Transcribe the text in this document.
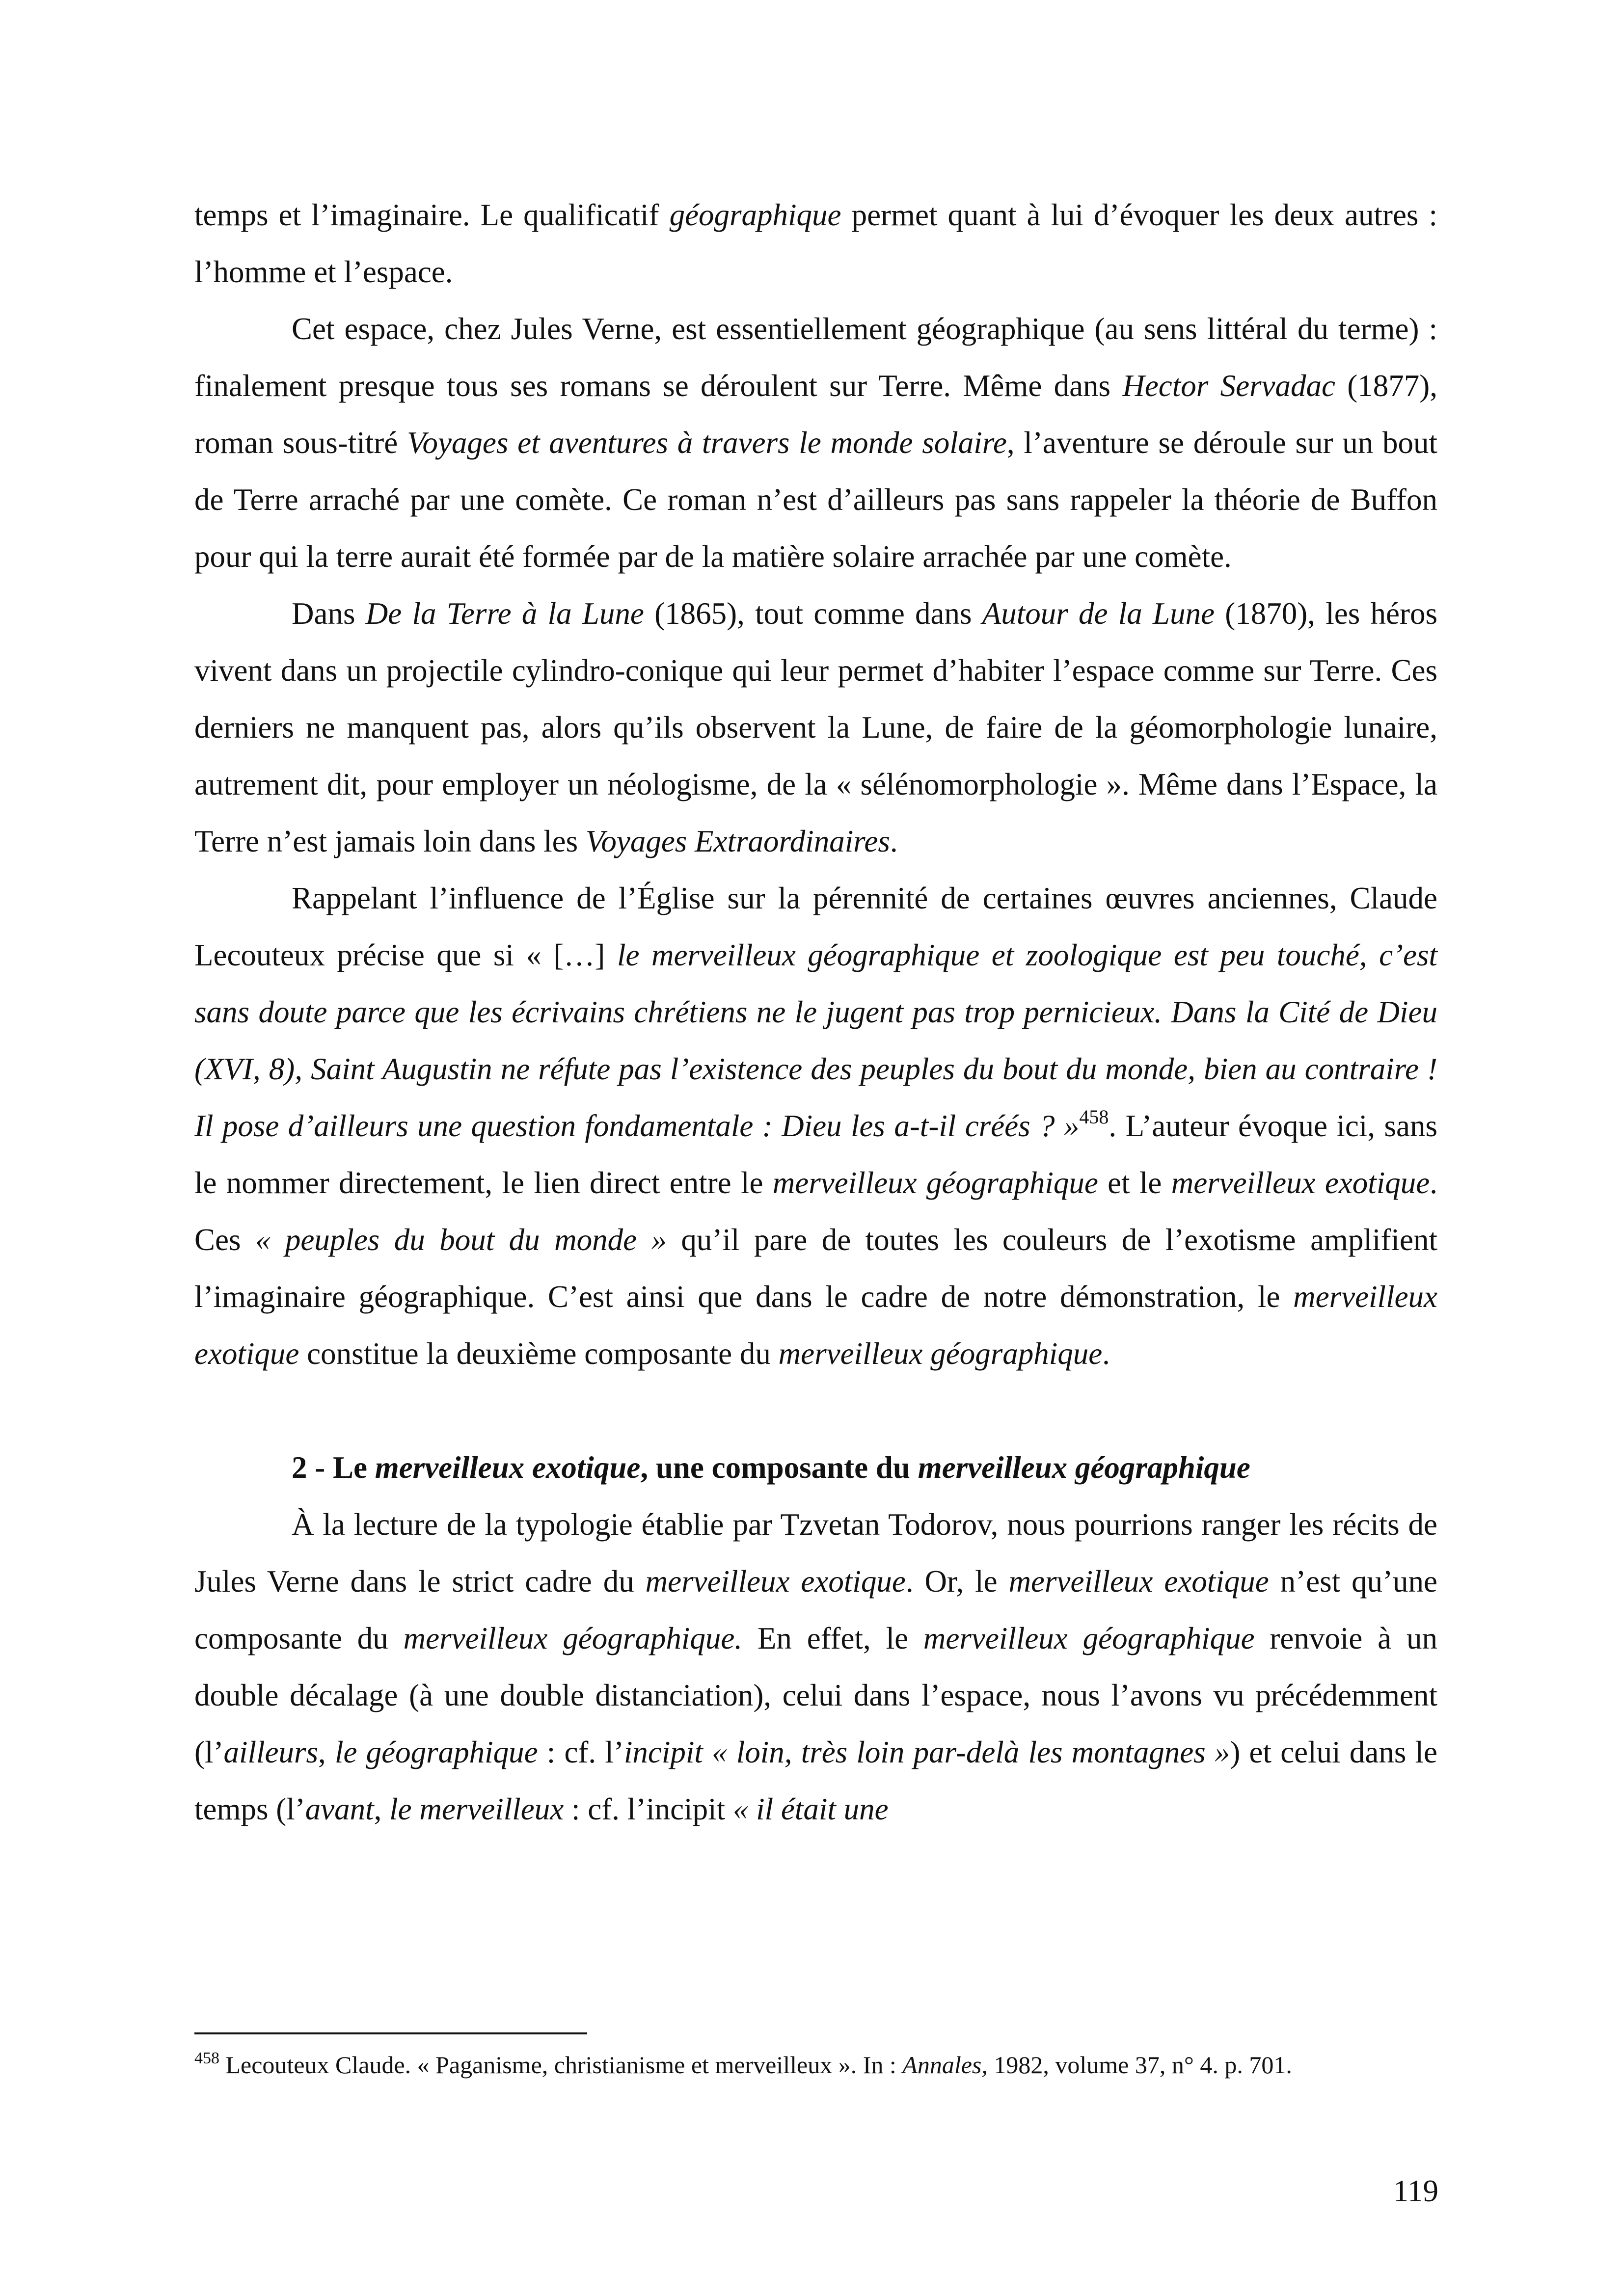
temps et l’imaginaire. Le qualificatif géographique permet quant à lui d’évoquer les deux autres : l’homme et l’espace.

Cet espace, chez Jules Verne, est essentiellement géographique (au sens littéral du terme) : finalement presque tous ses romans se déroulent sur Terre. Même dans Hector Servadac (1877), roman sous-titré Voyages et aventures à travers le monde solaire, l’aventure se déroule sur un bout de Terre arraché par une comète. Ce roman n’est d’ailleurs pas sans rappeler la théorie de Buffon pour qui la terre aurait été formée par de la matière solaire arrachée par une comète.

Dans De la Terre à la Lune (1865), tout comme dans Autour de la Lune (1870), les héros vivent dans un projectile cylindro-conique qui leur permet d’habiter l’espace comme sur Terre. Ces derniers ne manquent pas, alors qu’ils observent la Lune, de faire de la géomorphologie lunaire, autrement dit, pour employer un néologisme, de la « sélénomorphologie ». Même dans l’Espace, la Terre n’est jamais loin dans les Voyages Extraordinaires.

Rappelant l’influence de l’Église sur la pérennité de certaines œuvres anciennes, Claude Lecouteux précise que si « […] le merveilleux géographique et zoologique est peu touché, c’est sans doute parce que les écrivains chrétiens ne le jugent pas trop pernicieux. Dans la Cité de Dieu (XVI, 8), Saint Augustin ne réfute pas l’existence des peuples du bout du monde, bien au contraire ! Il pose d’ailleurs une question fondamentale : Dieu les a-t-il créés ? »$^{458}$. L’auteur évoque ici, sans le nommer directement, le lien direct entre le merveilleux géographique et le merveilleux exotique. Ces « peuples du bout du monde » qu’il pare de toutes les couleurs de l’exotisme amplifient l’imaginaire géographique. C’est ainsi que dans le cadre de notre démonstration, le merveilleux exotique constitue la deuxième composante du merveilleux géographique.

2 - Le merveilleux exotique, une composante du merveilleux géographique

À la lecture de la typologie établie par Tzvetan Todorov, nous pourrions ranger les récits de Jules Verne dans le strict cadre du merveilleux exotique. Or, le merveilleux exotique n’est qu’une composante du merveilleux géographique. En effet, le merveilleux géographique renvoie à un double décalage (à une double distanciation), celui dans l’espace, nous l’avons vu précédemment (l’ailleurs, le géographique : cf. l’incipit « loin, très loin par-delà les montagnes ») et celui dans le temps (l’avant, le merveilleux : cf. l’incipit « il était une

$^{458}$ Lecouteux Claude. « Paganisme, christianisme et merveilleux ». In : Annales, 1982, volume 37, n° 4. p. 701.
119
